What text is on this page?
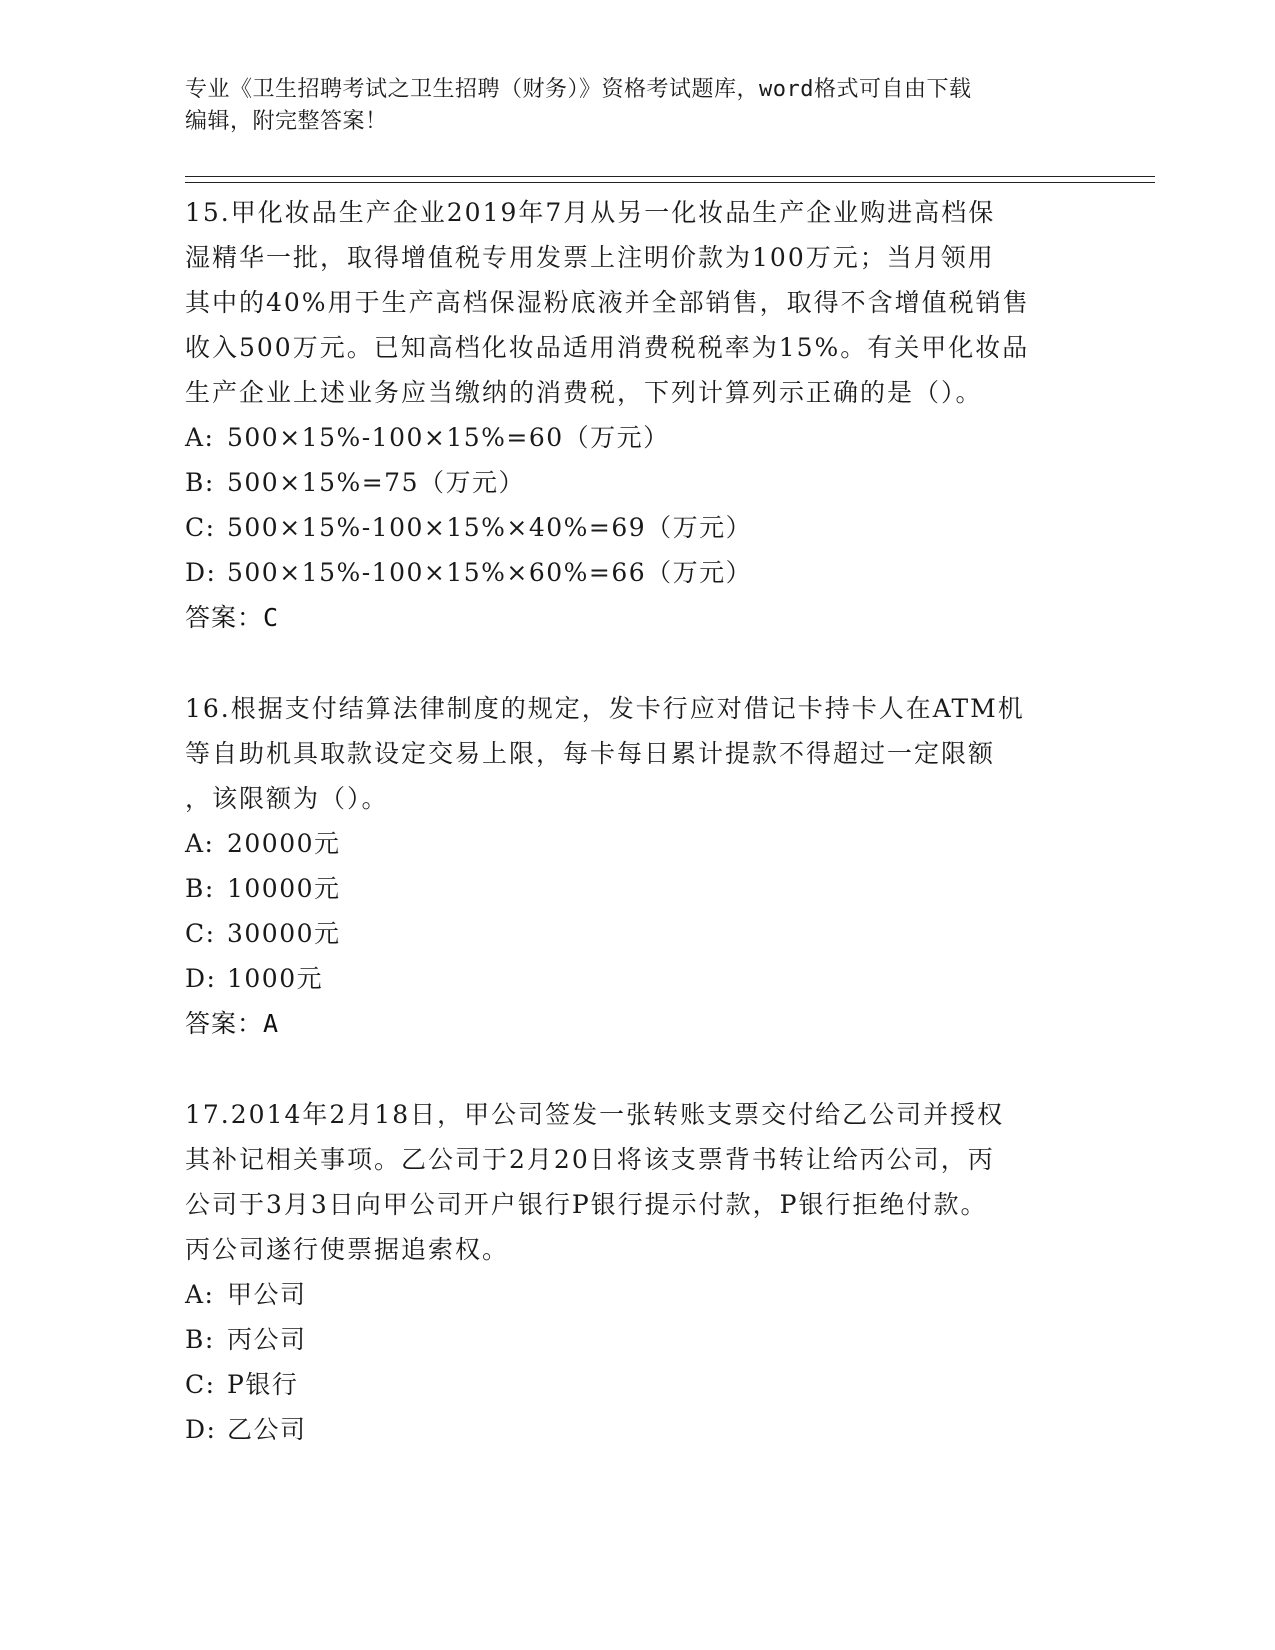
专业《卫生招聘考试之卫生招聘（财务）》资格考试题库，word格式可自由下载
编辑，附完整答案！
15.甲化妆品生产企业2019年7月从另一化妆品生产企业购进高档保
湿精华一批，取得增值税专用发票上注明价款为100万元；当月领用
其中的40%用于生产高档保湿粉底液并全部销售，取得不含增值税销售
收入500万元。已知高档化妆品适用消费税税率为15%。有关甲化妆品
生产企业上述业务应当缴纳的消费税，下列计算列示正确的是（）。
A: 500×15%-100×15%=60（万元）
B: 500×15%=75（万元）
C: 500×15%-100×15%×40%=69（万元）
D: 500×15%-100×15%×60%=66（万元）
答案：C
16.根据支付结算法律制度的规定，发卡行应对借记卡持卡人在ATM机
等自助机具取款设定交易上限，每卡每日累计提款不得超过一定限额
，该限额为（）。
A: 20000元
B: 10000元
C: 30000元
D: 1000元
答案：A
17.2014年2月18日，甲公司签发一张转账支票交付给乙公司并授权
其补记相关事项。乙公司于2月20日将该支票背书转让给丙公司，丙
公司于3月3日向甲公司开户银行P银行提示付款，P银行拒绝付款。
丙公司遂行使票据追索权。
A: 甲公司
B: 丙公司
C: P银行
D: 乙公司
